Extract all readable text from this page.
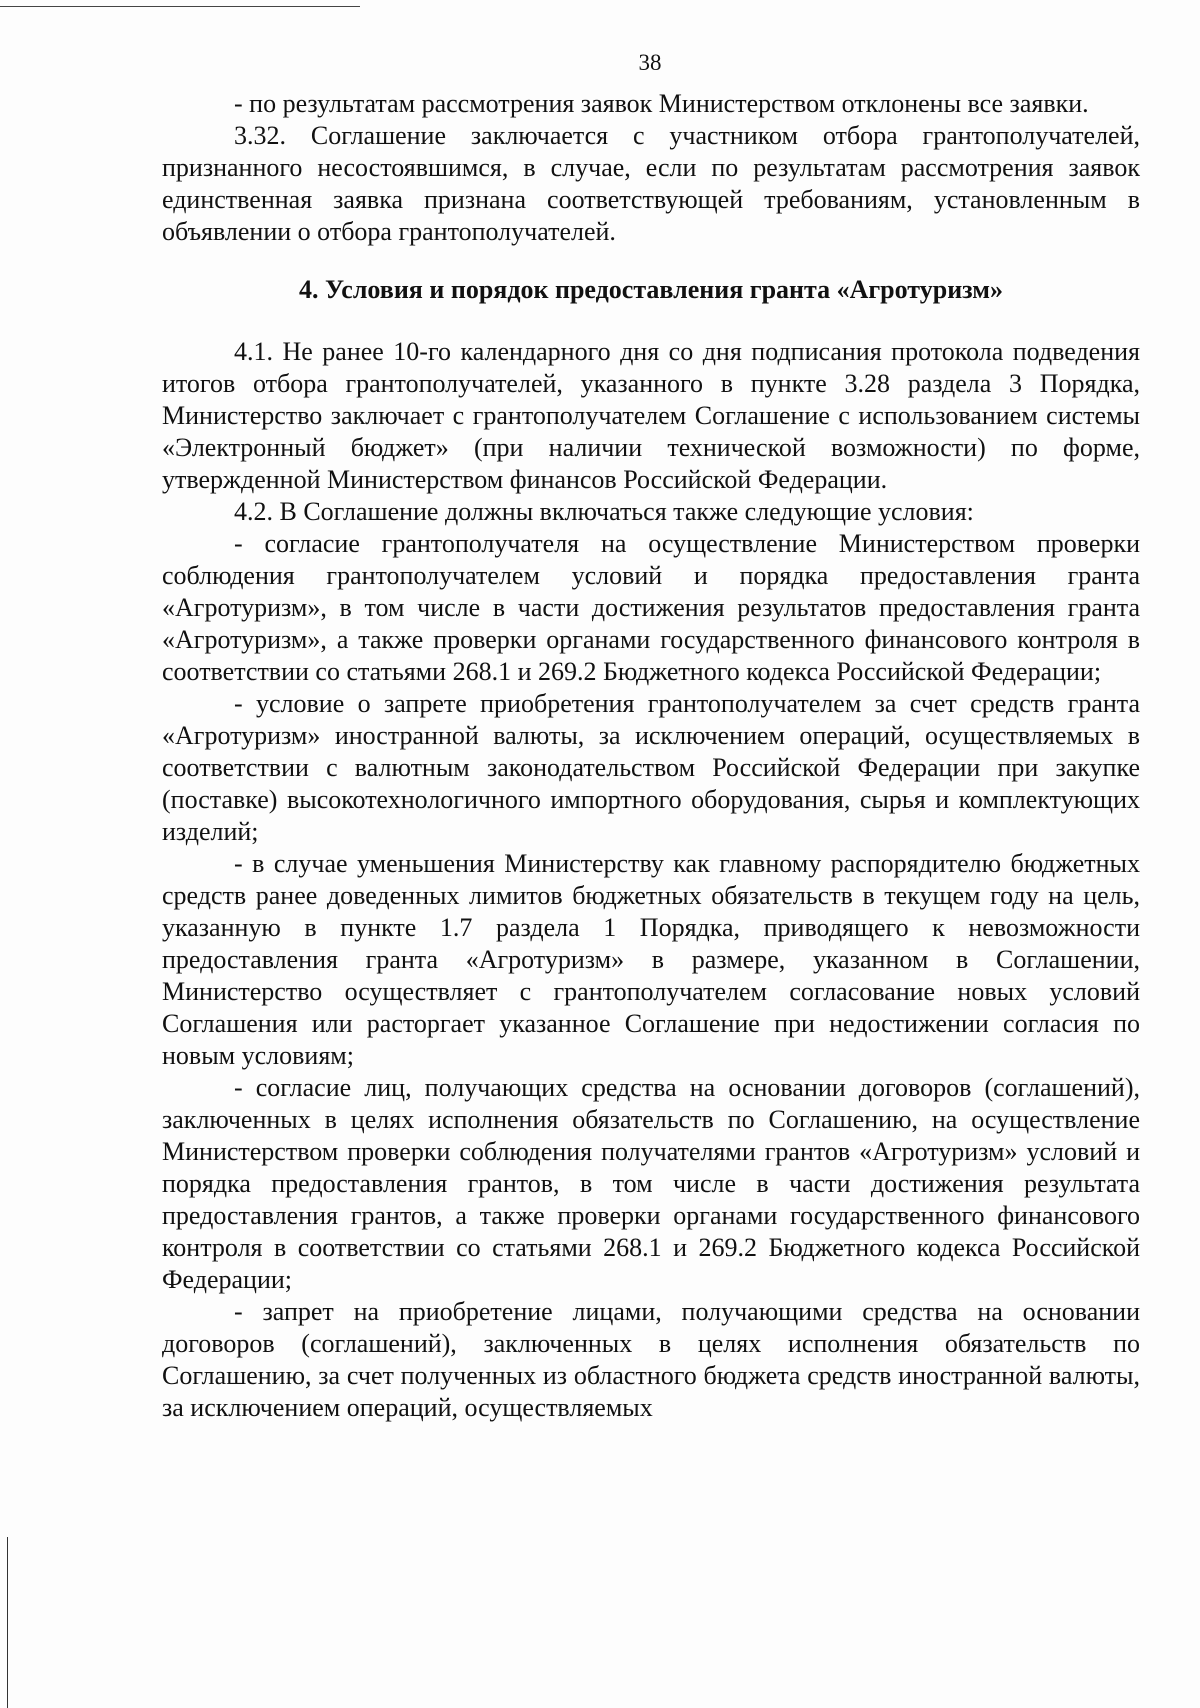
38

- по результатам рассмотрения заявок Министерством отклонены все заявки.

3.32. Соглашение заключается с участником отбора грантополучателей, признанного несостоявшимся, в случае, если по результатам рассмотрения заявок единственная заявка признана соответствующей требованиям, установленным в объявлении о отбора грантополучателей.

4. Условия и порядок предоставления гранта «Агротуризм»

4.1. Не ранее 10-го календарного дня со дня подписания протокола подведения итогов отбора грантополучателей, указанного в пункте 3.28 раздела 3 Порядка, Министерство заключает с грантополучателем Соглашение с использованием системы «Электронный бюджет» (при наличии технической возможности) по форме, утвержденной Министерством финансов Российской Федерации.

4.2. В Соглашение должны включаться также следующие условия:

- согласие грантополучателя на осуществление Министерством проверки соблюдения грантополучателем условий и порядка предоставления гранта «Агротуризм», в том числе в части достижения результатов предоставления гранта «Агротуризм», а также проверки органами государственного финансового контроля в соответствии со статьями 268.1 и 269.2 Бюджетного кодекса Российской Федерации;

- условие о запрете приобретения грантополучателем за счет средств гранта «Агротуризм» иностранной валюты, за исключением операций, осуществляемых в соответствии с валютным законодательством Российской Федерации при закупке (поставке) высокотехнологичного импортного оборудования, сырья и комплектующих изделий;

- в случае уменьшения Министерству как главному распорядителю бюджетных средств ранее доведенных лимитов бюджетных обязательств в текущем году на цель, указанную в пункте 1.7 раздела 1 Порядка, приводящего к невозможности предоставления гранта «Агротуризм» в размере, указанном в Соглашении, Министерство осуществляет с грантополучателем согласование новых условий Соглашения или расторгает указанное Соглашение при недостижении согласия по новым условиям;

- согласие лиц, получающих средства на основании договоров (соглашений), заключенных в целях исполнения обязательств по Соглашению, на осуществление Министерством проверки соблюдения получателями грантов «Агротуризм» условий и порядка предоставления грантов, в том числе в части достижения результата предоставления грантов, а также проверки органами государственного финансового контроля в соответствии со статьями 268.1 и 269.2 Бюджетного кодекса Российской Федерации;

- запрет на приобретение лицами, получающими средства на основании договоров (соглашений), заключенных в целях исполнения обязательств по Соглашению, за счет полученных из областного бюджета средств иностранной валюты, за исключением операций, осуществляемых
